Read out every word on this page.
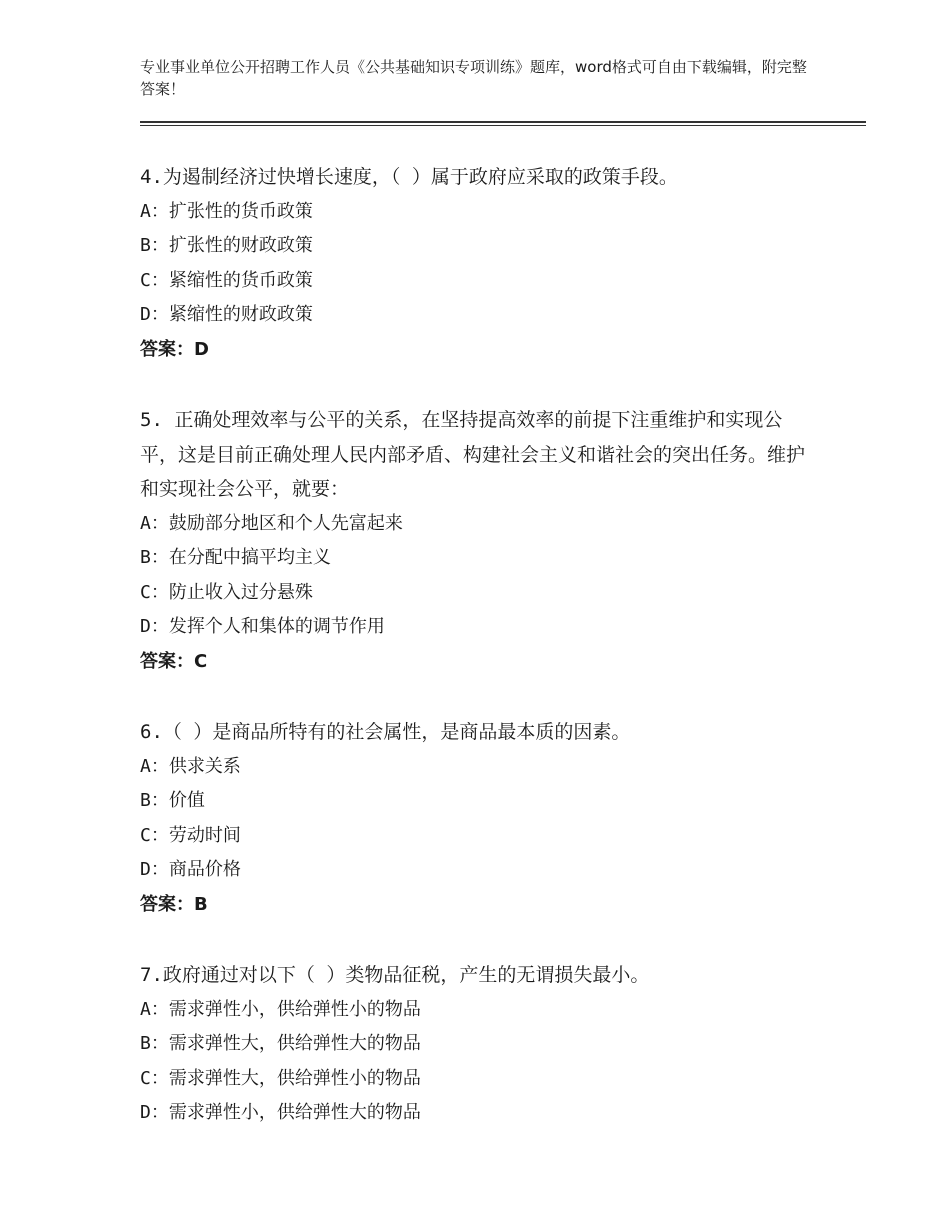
专业事业单位公开招聘工作人员《公共基础知识专项训练》题库，word格式可自由下载编辑，附完整答案！
4.为遏制经济过快增长速度，（ ）属于政府应采取的政策手段。
A：扩张性的货币政策
B：扩张性的财政政策
C：紧缩性的货币政策
D：紧缩性的财政政策
答案：D
5. 正确处理效率与公平的关系，在坚持提高效率的前提下注重维护和实现公平，这是目前正确处理人民内部矛盾、构建社会主义和谐社会的突出任务。维护和实现社会公平，就要：
A：鼓励部分地区和个人先富起来
B：在分配中搞平均主义
C：防止收入过分悬殊
D：发挥个人和集体的调节作用
答案：C
6.（ ）是商品所特有的社会属性，是商品最本质的因素。
A：供求关系
B：价值
C：劳动时间
D：商品价格
答案：B
7.政府通过对以下（ ）类物品征税，产生的无谓损失最小。
A：需求弹性小，供给弹性小的物品
B：需求弹性大，供给弹性大的物品
C：需求弹性大，供给弹性小的物品
D：需求弹性小，供给弹性大的物品
